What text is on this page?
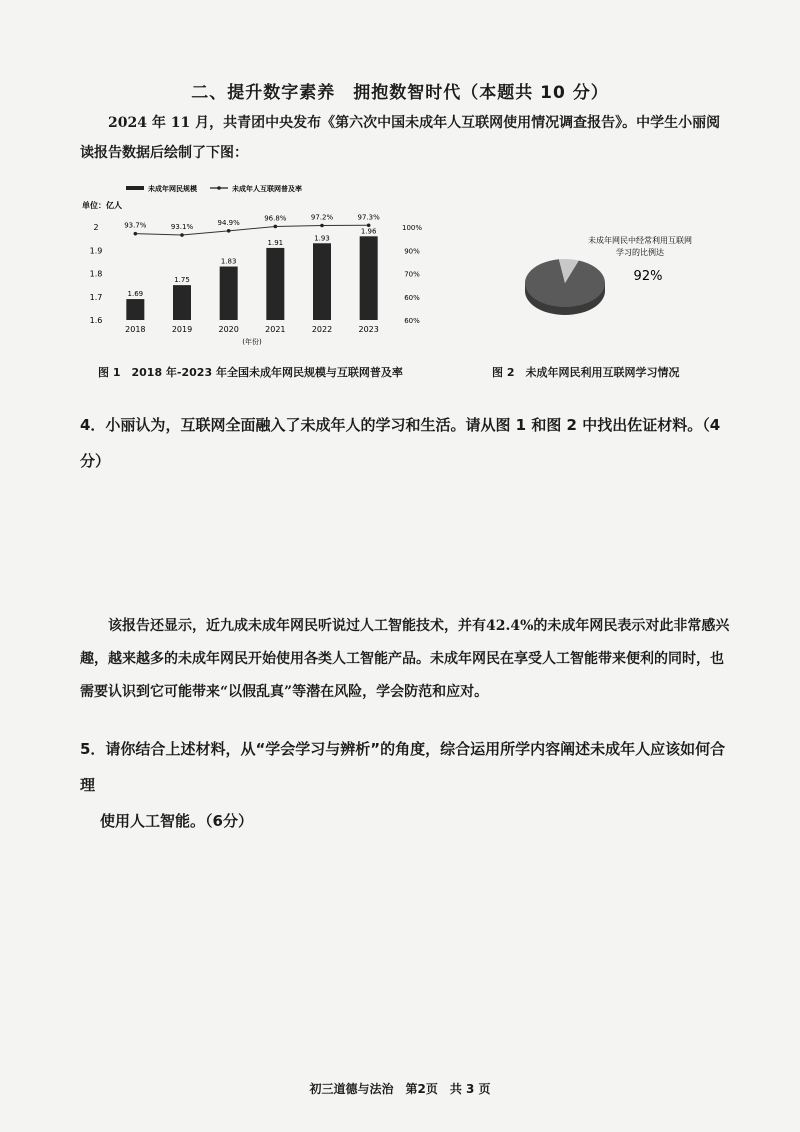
二、提升数字素养　拥抱数智时代（本题共 10 分）
2024 年 11 月，共青团中央发布《第六次中国未成年人互联网使用情况调查报告》。中学生小丽阅读报告数据后绘制了下图：
未成年网民规模	未成年人互联网普及率
单位：亿人
2
1.9
1.8
1.7
1.6
100%
90%
70%
60%
60%
1.69
2018
93.7%
1.75
2019
93.1%
1.83
2020
94.9%
1.91
2021
96.8%
1.93
2022
97.2%
1.96
2023
97.3%
(年份)
未成年网民中经常利用互联网
学习的比例达
92%
图 1　2018 年-2023 年全国未成年网民规模与互联网普及率	图 2　未成年网民利用互联网学习情况
4．小丽认为，互联网全面融入了未成年人的学习和生活。请从图 1 和图 2 中找出佐证材料。（4分）
该报告还显示，近九成未成年网民听说过人工智能技术，并有42.4%的未成年网民表示对此非常感兴趣，越来越多的未成年网民开始使用各类人工智能产品。未成年网民在享受人工智能带来便利的同时，也需要认识到它可能带来“以假乱真”等潜在风险，学会防范和应对。
5．请你结合上述材料，从“学会学习与辨析”的角度，综合运用所学内容阐述未成年人应该如何合理
使用人工智能。（6分）
初三道德与法治　第2页　共 3 页
